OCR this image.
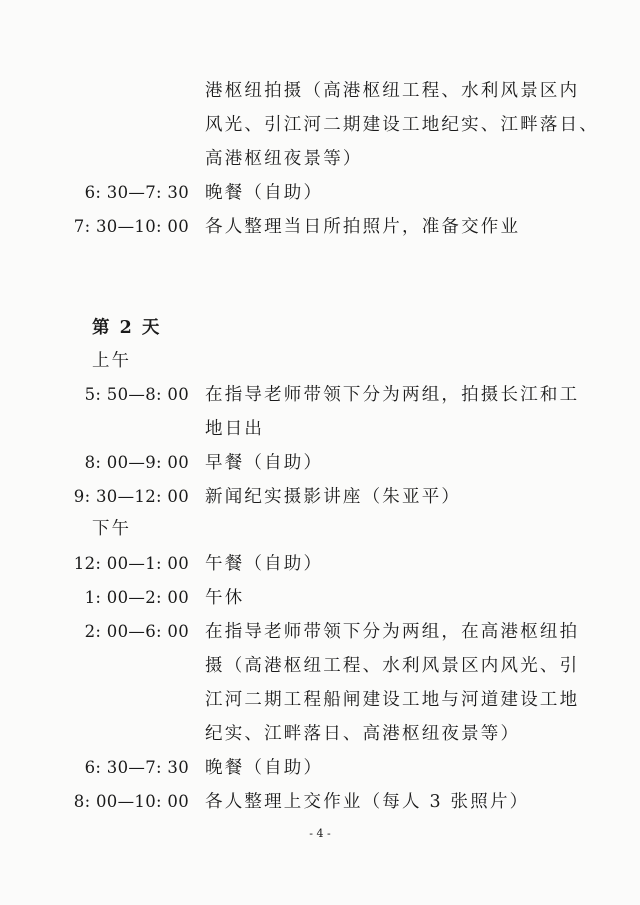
港枢纽拍摄（高港枢纽工程、水利风景区内
风光、引江河二期建设工地纪实、江畔落日、
高港枢纽夜景等）
6: 30—7: 30 晚餐（自助）
7: 30—10: 00 各人整理当日所拍照片，准备交作业
第 2 天
上午
5: 50—8: 00 在指导老师带领下分为两组，拍摄长江和工
地日出
8: 00—9: 00 早餐（自助）
9: 30—12: 00 新闻纪实摄影讲座（朱亚平）
下午
12: 00—1: 00 午餐（自助）
1: 00—2: 00 午休
2: 00—6: 00 在指导老师带领下分为两组，在高港枢纽拍
摄（高港枢纽工程、水利风景区内风光、引
江河二期工程船闸建设工地与河道建设工地
纪实、江畔落日、高港枢纽夜景等）
6: 30—7: 30 晚餐（自助）
8: 00—10: 00 各人整理上交作业（每人 3 张照片）
- 4 -
